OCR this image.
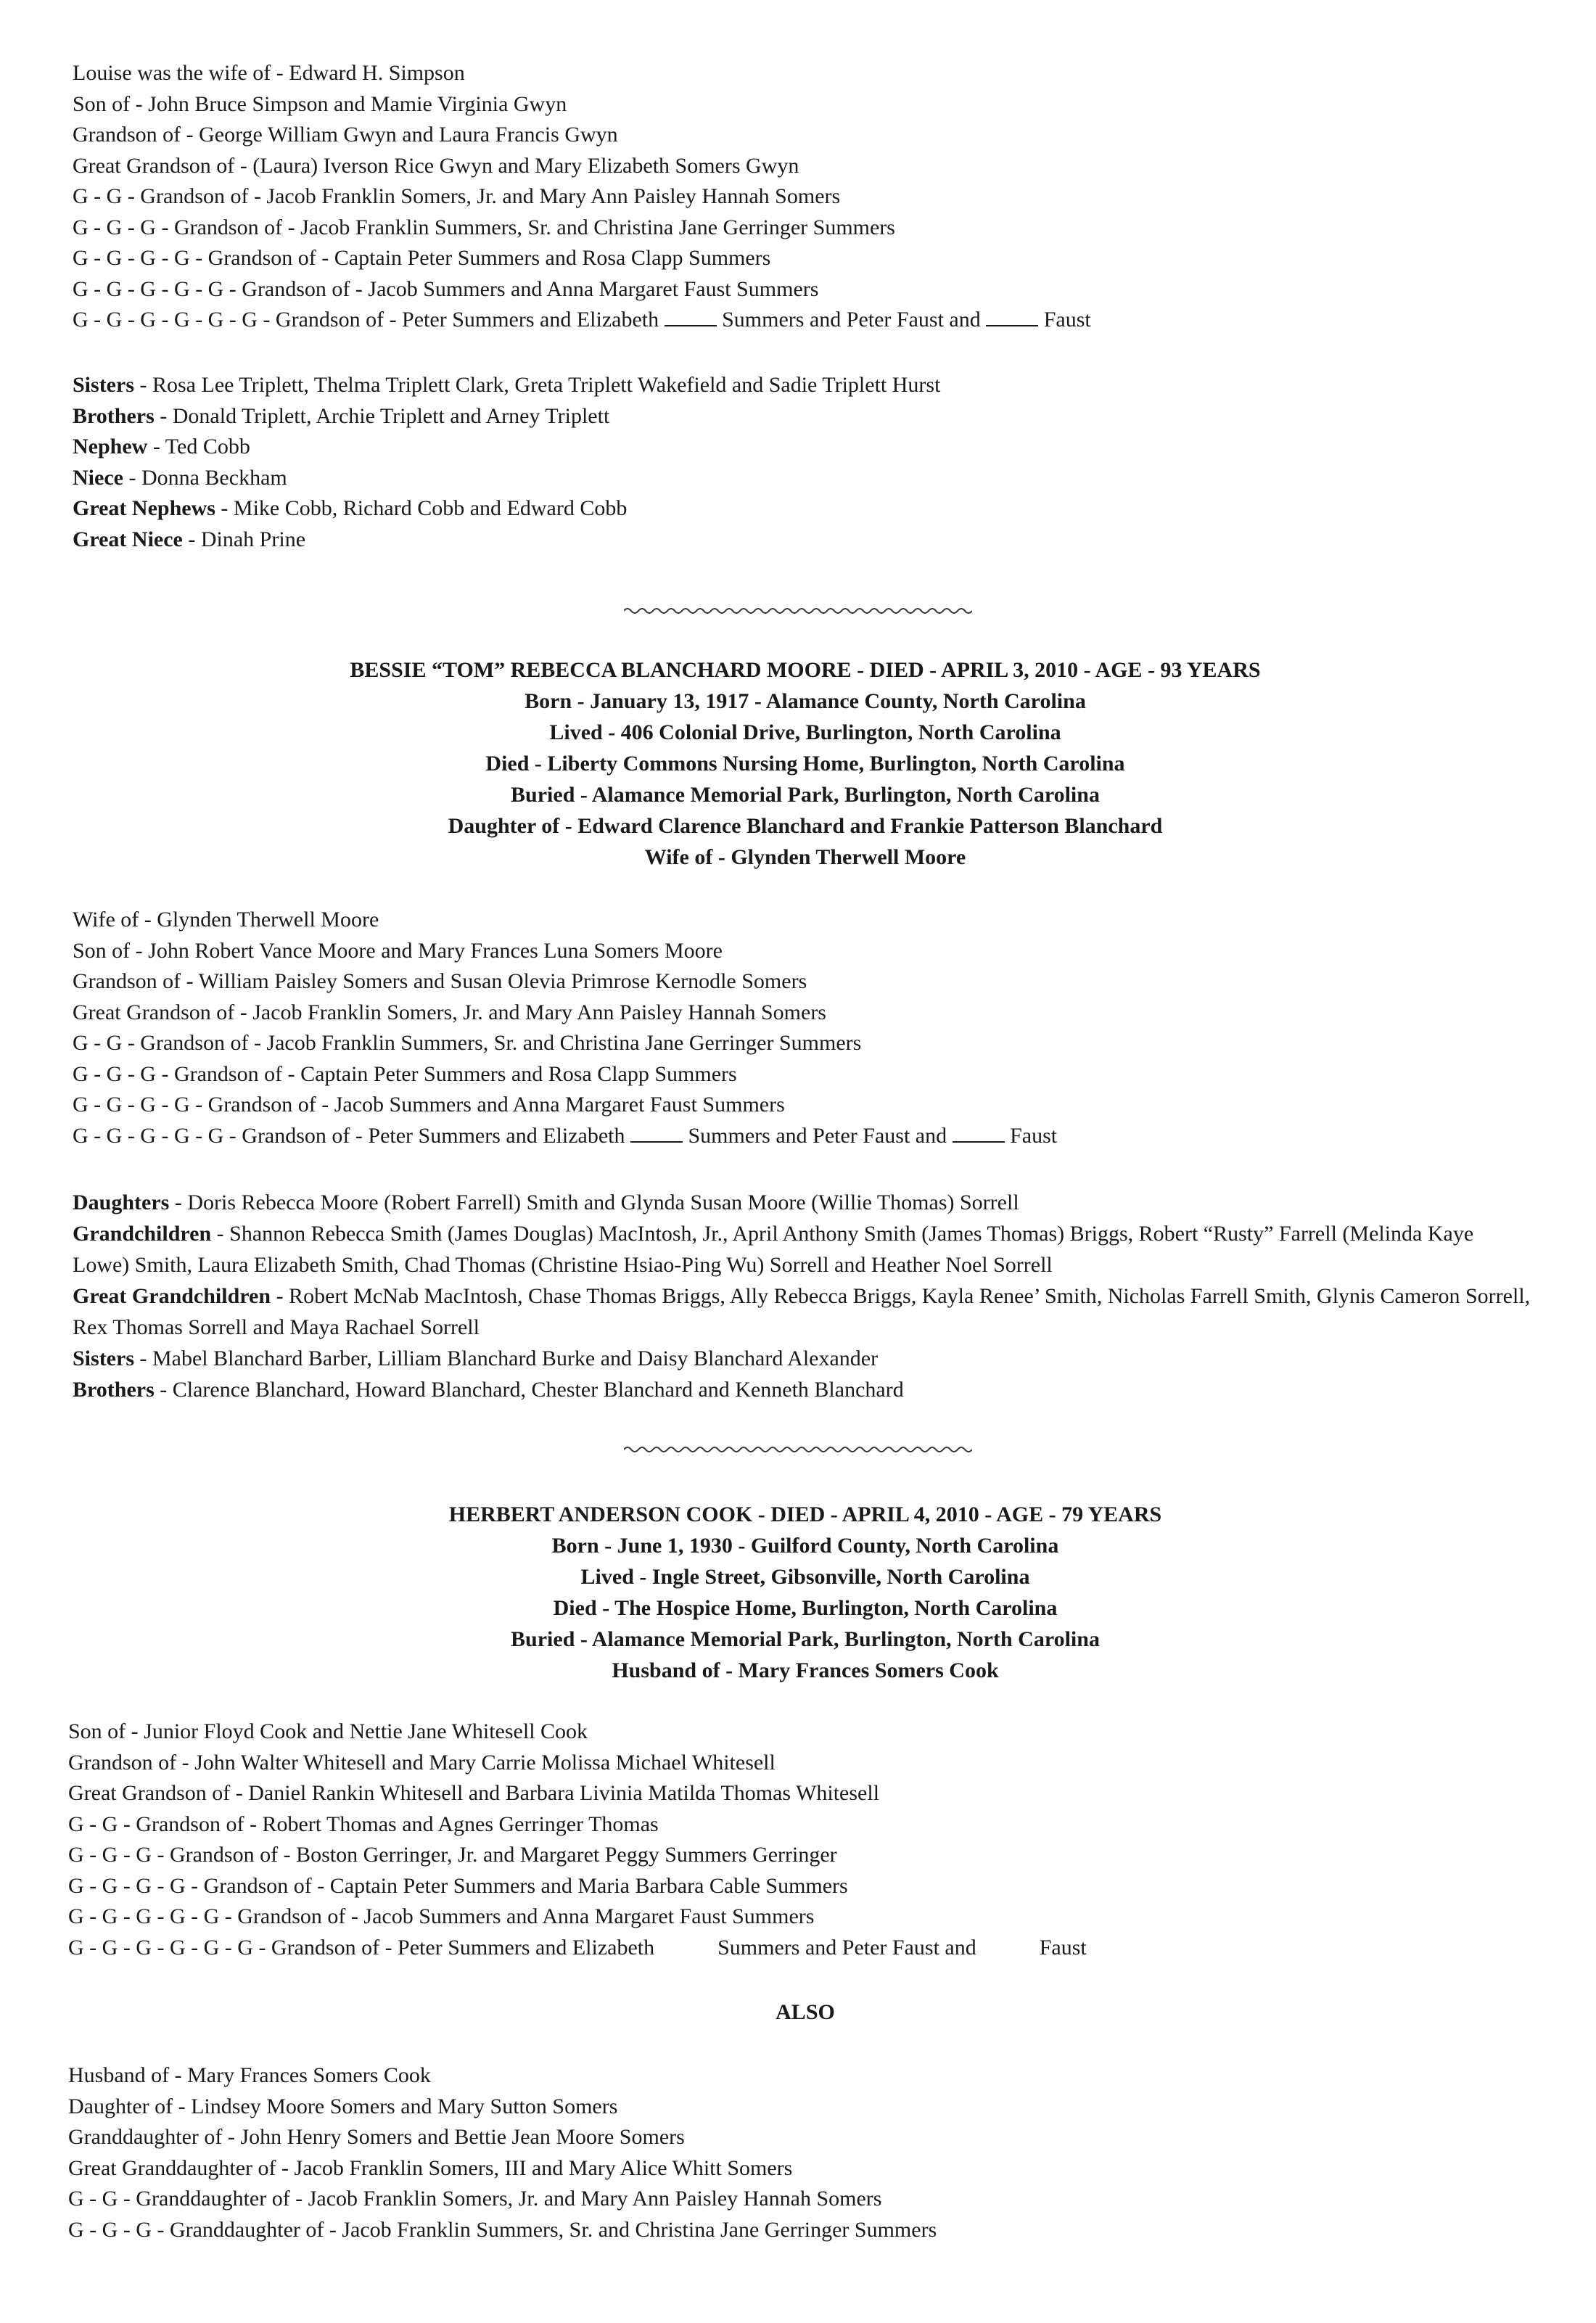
Louise was the wife of - Edward H. Simpson
Son of - John Bruce Simpson and Mamie Virginia Gwyn
Grandson of - George William Gwyn and Laura Francis Gwyn
Great Grandson of - (Laura) Iverson Rice Gwyn and Mary Elizabeth Somers Gwyn
G - G - Grandson of - Jacob Franklin Somers, Jr. and Mary Ann Paisley Hannah Somers
G - G - G - Grandson of - Jacob Franklin Summers, Sr. and Christina Jane Gerringer Summers
G - G - G - G - Grandson of - Captain Peter Summers and Rosa Clapp Summers
G - G - G - G - G - Grandson of - Jacob Summers and Anna Margaret Faust Summers
G - G - G - G - G - G - Grandson of - Peter Summers and Elizabeth	Summers and Peter Faust and	Faust
Sisters - Rosa Lee Triplett, Thelma Triplett Clark, Greta Triplett Wakefield and Sadie Triplett Hurst
Brothers - Donald Triplett, Archie Triplett and Arney Triplett
Nephew - Ted Cobb
Niece - Donna Beckham
Great Nephews - Mike Cobb, Richard Cobb and Edward Cobb
Great Niece - Dinah Prine
BESSIE “TOM” REBECCA BLANCHARD MOORE - DIED - APRIL 3, 2010 - AGE - 93 YEARS
Born - January 13, 1917 - Alamance County, North Carolina
Lived - 406 Colonial Drive, Burlington, North Carolina
Died - Liberty Commons Nursing Home, Burlington, North Carolina
Buried - Alamance Memorial Park, Burlington, North Carolina
Daughter of - Edward Clarence Blanchard and Frankie Patterson Blanchard
Wife of - Glynden Therwell Moore
Wife of - Glynden Therwell Moore
Son of - John Robert Vance Moore and Mary Frances Luna Somers Moore
Grandson of - William Paisley Somers and Susan Olevia Primrose Kernodle Somers
Great Grandson of - Jacob Franklin Somers, Jr. and Mary Ann Paisley Hannah Somers
G - G - Grandson of - Jacob Franklin Summers, Sr. and Christina Jane Gerringer Summers
G - G - G - Grandson of - Captain Peter Summers and Rosa Clapp Summers
G - G - G - G - Grandson of - Jacob Summers and Anna Margaret Faust Summers
G - G - G - G - G - Grandson of - Peter Summers and Elizabeth	Summers and Peter Faust and	Faust
Daughters - Doris Rebecca Moore (Robert Farrell) Smith and Glynda Susan Moore (Willie Thomas) Sorrell
Grandchildren - Shannon Rebecca Smith (James Douglas) MacIntosh, Jr., April Anthony Smith (James Thomas) Briggs, Robert “Rusty” Farrell (Melinda Kaye Lowe) Smith, Laura Elizabeth Smith, Chad Thomas (Christine Hsiao-Ping Wu) Sorrell and Heather Noel Sorrell
Great Grandchildren - Robert McNab MacIntosh, Chase Thomas Briggs, Ally Rebecca Briggs, Kayla Renee’ Smith, Nicholas Farrell Smith, Glynis Cameron Sorrell, Rex Thomas Sorrell and Maya Rachael Sorrell
Sisters - Mabel Blanchard Barber, Lilliam Blanchard Burke and Daisy Blanchard Alexander
Brothers - Clarence Blanchard, Howard Blanchard, Chester Blanchard and Kenneth Blanchard
HERBERT ANDERSON COOK - DIED - APRIL 4, 2010 - AGE - 79 YEARS
Born - June 1, 1930 - Guilford County, North Carolina
Lived - Ingle Street, Gibsonville, North Carolina
Died - The Hospice Home, Burlington, North Carolina
Buried - Alamance Memorial Park, Burlington, North Carolina
Husband of - Mary Frances Somers Cook
Son of - Junior Floyd Cook and Nettie Jane Whitesell Cook
Grandson of - John Walter Whitesell and Mary Carrie Molissa Michael Whitesell
Great Grandson of - Daniel Rankin Whitesell and Barbara Livinia Matilda Thomas Whitesell
G - G - Grandson of - Robert Thomas and Agnes Gerringer Thomas
G - G - G - Grandson of - Boston Gerringer, Jr. and Margaret Peggy Summers Gerringer
G - G - G - G - Grandson of - Captain Peter Summers and Maria Barbara Cable Summers
G - G - G - G - G - Grandson of - Jacob Summers and Anna Margaret Faust Summers
G - G - G - G - G - G - Grandson of - Peter Summers and Elizabeth	Summers and Peter Faust and	Faust
ALSO
Husband of - Mary Frances Somers Cook
Daughter of - Lindsey Moore Somers and Mary Sutton Somers
Granddaughter of - John Henry Somers and Bettie Jean Moore Somers
Great Granddaughter of - Jacob Franklin Somers, III and Mary Alice Whitt Somers
G - G - Granddaughter of - Jacob Franklin Somers, Jr. and Mary Ann Paisley Hannah Somers
G - G - G - Granddaughter of - Jacob Franklin Summers, Sr. and Christina Jane Gerringer Summers
